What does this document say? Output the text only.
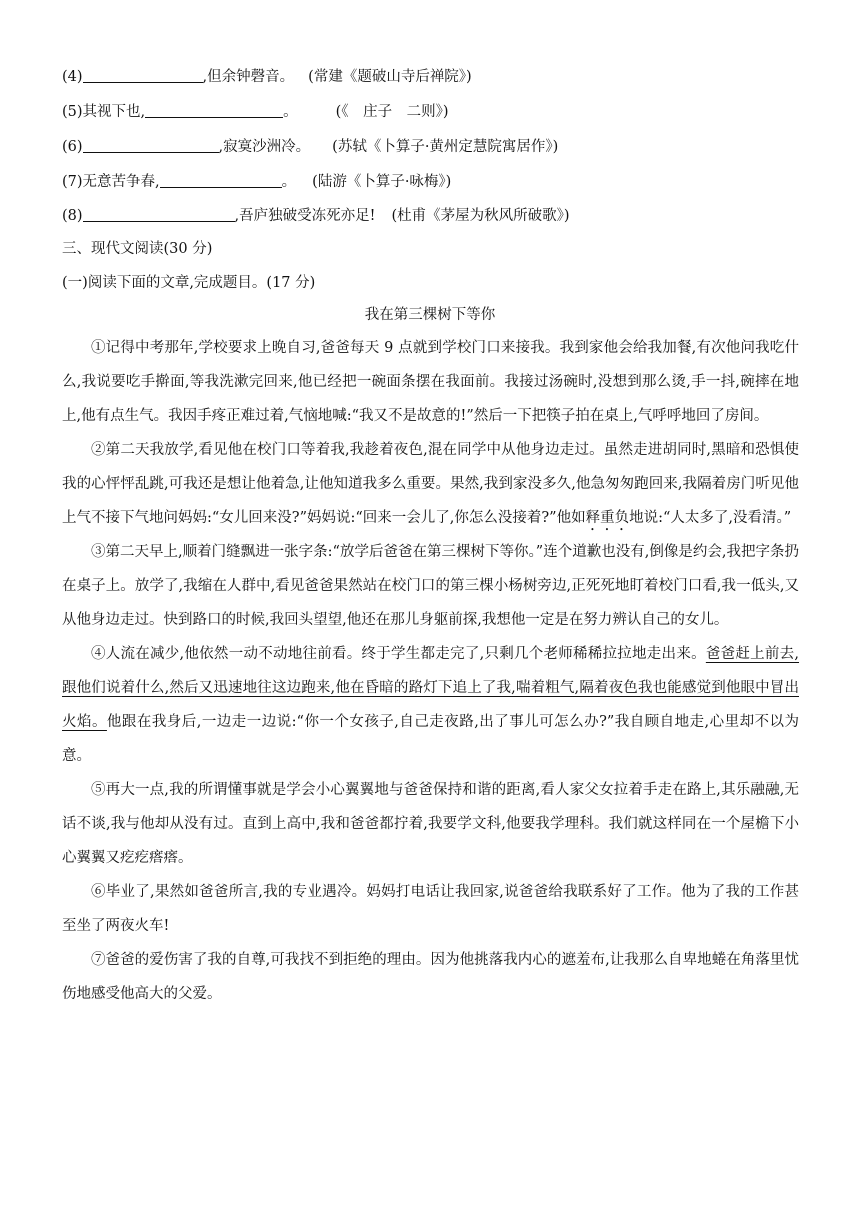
(4)	,但余钟磬音。 (常建《题破山寺后禅院》)
(5)其视下也,	。	(《　庄子　二则》)
(6)	,寂寞沙洲冷。 (苏轼《卜算子·黄州定慧院寓居作》)
(7)无意苦争春,	。 (陆游《卜算子·咏梅》)
(8)	,吾庐独破受冻死亦足! (杜甫《茅屋为秋风所破歌》)
三、现代文阅读(30 分)
(一)阅读下面的文章,完成题目。(17 分)
我在第三棵树下等你

①记得中考那年,学校要求上晚自习,爸爸每天 9 点就到学校门口来接我。我到家他会给我加餐,有次他问我吃什么,我说要吃手擀面,等我洗漱完回来,他已经把一碗面条摆在我面前。我接过汤碗时,没想到那么烫,手一抖,碗摔在地上,他有点生气。我因手疼正难过着,气恼地喊:“我又不是故意的!”然后一下把筷子拍在桌上,气呼呼地回了房间。

②第二天我放学,看见他在校门口等着我,我趁着夜色,混在同学中从他身边走过。虽然走进胡同时,黑暗和恐惧使我的心怦怦乱跳,可我还是想让他着急,让他知道我多么重要。果然,我到家没多久,他急匆匆跑回来,我隔着房门听见他上气不接下气地问妈妈:“女儿回来没?”妈妈说:“回来一会儿了,你怎么没接着?”他如释重负地说:“人太多了,没看清。”

③第二天早上,顺着门缝飘进一张字条:“放学后爸爸在第三棵树下等你。”连个道歉也没有,倒像是约会,我把字条扔在桌子上。放学了,我缩在人群中,看见爸爸果然站在校门口的第三棵小杨树旁边,正死死地盯着校门口看,我一低头,又从他身边走过。快到路口的时候,我回头望望,他还在那儿身躯前探,我想他一定是在努力辨认自己的女儿。

④人流在减少,他依然一动不动地往前看。终于学生都走完了,只剩几个老师稀稀拉拉地走出来。爸爸赶上前去,跟他们说着什么,然后又迅速地往这边跑来,他在昏暗的路灯下追上了我,喘着粗气,隔着夜色我也能感觉到他眼中冒出火焰。他跟在我身后,一边走一边说:“你一个女孩子,自己走夜路,出了事儿可怎么办?”我自顾自地走,心里却不以为意。

⑤再大一点,我的所谓懂事就是学会小心翼翼地与爸爸保持和谐的距离,看人家父女拉着手走在路上,其乐融融,无话不谈,我与他却从没有过。直到上高中,我和爸爸都拧着,我要学文科,他要我学理科。我们就这样同在一个屋檐下小心翼翼又疙疙瘩瘩。

⑥毕业了,果然如爸爸所言,我的专业遇冷。妈妈打电话让我回家,说爸爸给我联系好了工作。他为了我的工作甚至坐了两夜火车!

⑦爸爸的爱伤害了我的自尊,可我找不到拒绝的理由。因为他挑落我内心的遮羞布,让我那么自卑地蜷在角落里忧伤地感受他高大的父爱。
